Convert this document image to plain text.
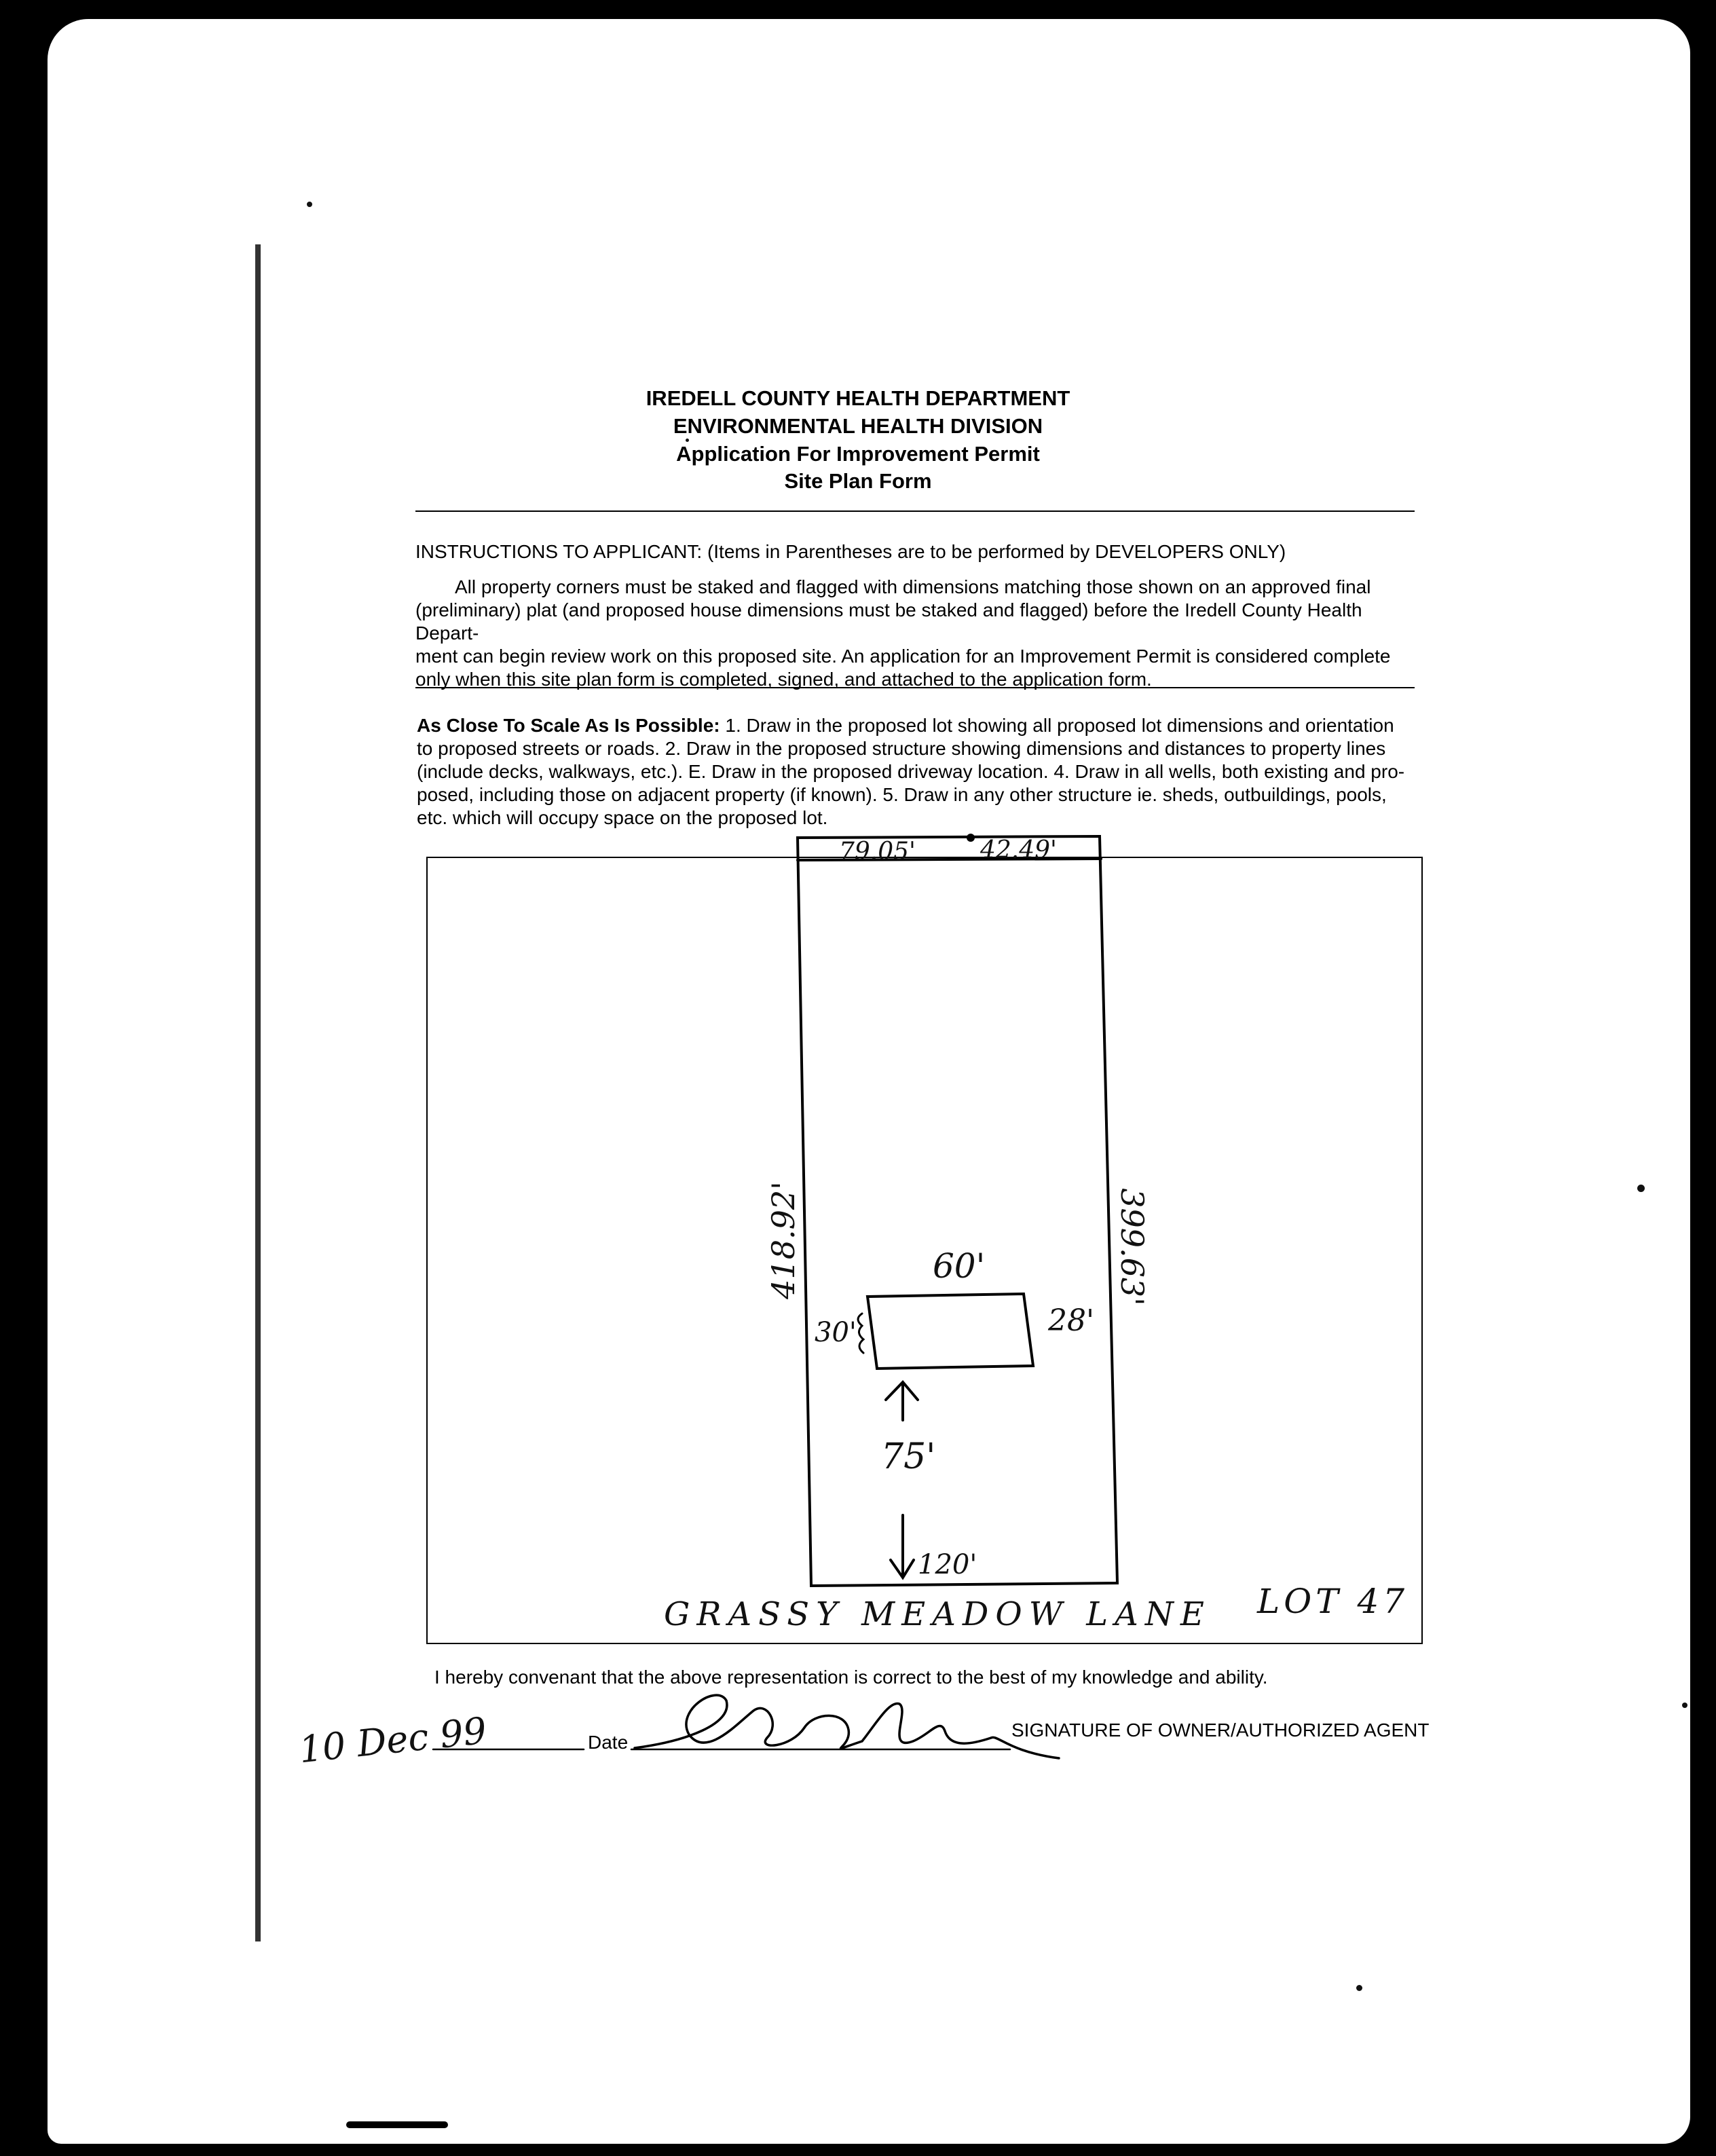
IREDELL COUNTY HEALTH DEPARTMENT
ENVIRONMENTAL HEALTH DIVISION
Application For Improvement Permit
Site Plan Form
INSTRUCTIONS TO APPLICANT: (Items in Parentheses are to be performed by DEVELOPERS ONLY)
All property corners must be staked and flagged with dimensions matching those shown on an approved final
(preliminary) plat (and proposed house dimensions must be staked and flagged) before the Iredell County Health Depart-
ment can begin review work on this proposed site. An application for an Improvement Permit is considered complete
only when this site plan form is completed, signed, and attached to the application form.
As Close To Scale As Is Possible: 1. Draw in the proposed lot showing all proposed lot dimensions and orientation
to proposed streets or roads. 2. Draw in the proposed structure showing dimensions and distances to property lines
(include decks, walkways, etc.). E. Draw in the proposed driveway location. 4. Draw in all wells, both existing and pro-
posed, including those on adjacent property (if known). 5. Draw in any other structure ie. sheds, outbuildings, pools,
etc. which will occupy space on the proposed lot.
79.05'	42.49'
418.92'	399.63'
60'
30'	28'
75'
120'
GRASSY MEADOW LANE LOT 47
I hereby convenant that the above representation is correct to the best of my knowledge and ability.
10 Dec 99	Date
SIGNATURE OF OWNER/AUTHORIZED AGENT
